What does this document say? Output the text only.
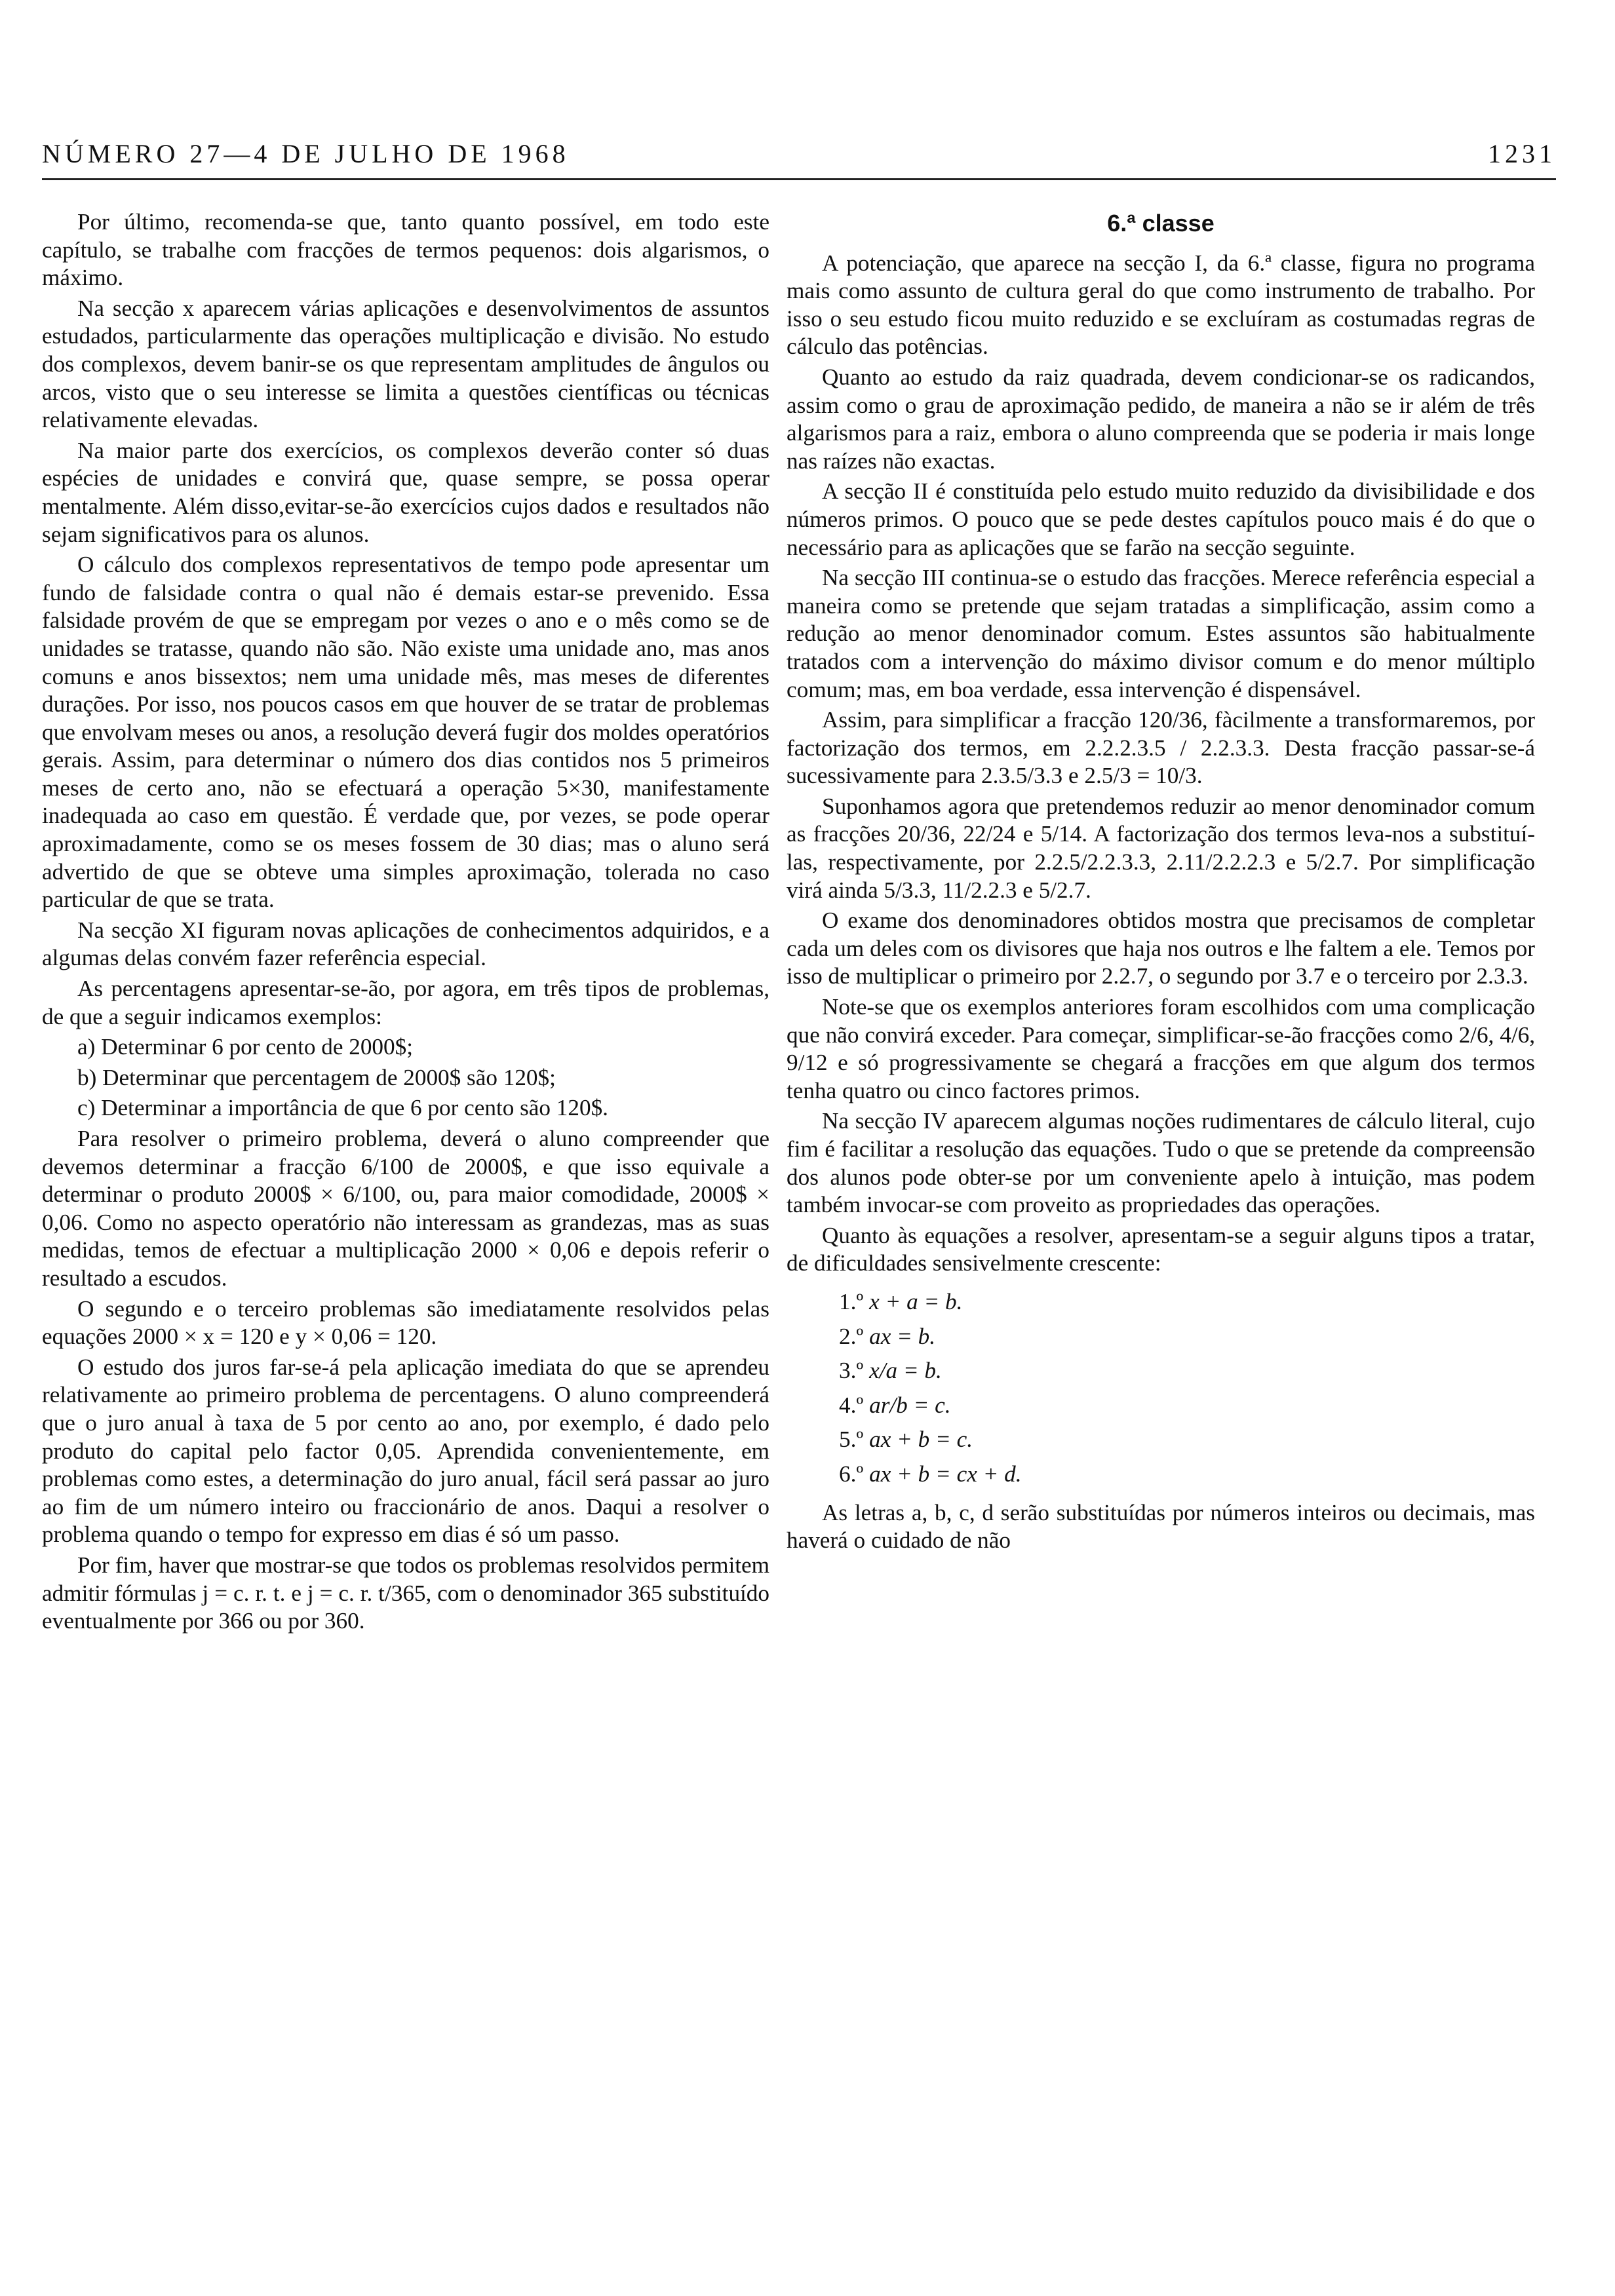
NÚMERO 27—4 DE JULHO DE 1968	1231

Por último, recomenda-se que, tanto quanto possível, em todo este capítulo, se trabalhe com fracções de termos pequenos: dois algarismos, o máximo.

Na secção x aparecem várias aplicações e desenvolvimentos de assuntos estudados, particularmente das operações multiplicação e divisão. No estudo dos complexos, devem banir-se os que representam amplitudes de ângulos ou arcos, visto que o seu interesse se limita a questões científicas ou técnicas relativamente elevadas.

Na maior parte dos exercícios, os complexos deverão conter só duas espécies de unidades e convirá que, quase sempre, se possa operar mentalmente. Além disso,evitar-se-ão exercícios cujos dados e resultados não sejam significativos para os alunos.

O cálculo dos complexos representativos de tempo pode apresentar um fundo de falsidade contra o qual não é demais estar-se prevenido. Essa falsidade provém de que se empregam por vezes o ano e o mês como se de unidades se tratasse, quando não são. Não existe uma unidade ano, mas anos comuns e anos bissextos; nem uma unidade mês, mas meses de diferentes durações. Por isso, nos poucos casos em que houver de se tratar de problemas que envolvam meses ou anos, a resolução deverá fugir dos moldes operatórios gerais. Assim, para determinar o número dos dias contidos nos 5 primeiros meses de certo ano, não se efectuará a operação 5×30, manifestamente inadequada ao caso em questão. É verdade que, por vezes, se pode operar aproximadamente, como se os meses fossem de 30 dias; mas o aluno será advertido de que se obteve uma simples aproximação, tolerada no caso particular de que se trata.

Na secção XI figuram novas aplicações de conhecimentos adquiridos, e a algumas delas convém fazer referência especial.

As percentagens apresentar-se-ão, por agora, em três tipos de problemas, de que a seguir indicamos exemplos:

a) Determinar 6 por cento de 2000$;

b) Determinar que percentagem de 2000$ são 120$;

c) Determinar a importância de que 6 por cento são 120$.

Para resolver o primeiro problema, deverá o aluno compreender que devemos determinar a fracção 6/100 de 2000$, e que isso equivale a determinar o produto 2000$ × 6/100, ou, para maior comodidade, 2000$ × 0,06. Como no aspecto operatório não interessam as grandezas, mas as suas medidas, temos de efectuar a multiplicação 2000 × 0,06 e depois referir o resultado a escudos.

O segundo e o terceiro problemas são imediatamente resolvidos pelas equações 2000 × x = 120 e y × 0,06 = 120.

O estudo dos juros far-se-á pela aplicação imediata do que se aprendeu relativamente ao primeiro problema de percentagens. O aluno compreenderá que o juro anual à taxa de 5 por cento ao ano, por exemplo, é dado pelo produto do capital pelo factor 0,05. Aprendida convenientemente, em problemas como estes, a determinação do juro anual, fácil será passar ao juro ao fim de um número inteiro ou fraccionário de anos. Daqui a resolver o problema quando o tempo for expresso em dias é só um passo.

Por fim, haver que mostrar-se que todos os problemas resolvidos permitem admitir fórmulas j = c. r. t. e j = c. r. t/365, com o denominador 365 substituído eventualmente por 366 ou por 360.

6.ª classe

A potenciação, que aparece na secção I, da 6.ª classe, figura no programa mais como assunto de cultura geral do que como instrumento de trabalho. Por isso o seu estudo ficou muito reduzido e se excluíram as costumadas regras de cálculo das potências.

Quanto ao estudo da raiz quadrada, devem condicionar-se os radicandos, assim como o grau de aproximação pedido, de maneira a não se ir além de três algarismos para a raiz, embora o aluno compreenda que se poderia ir mais longe nas raízes não exactas.

A secção II é constituída pelo estudo muito reduzido da divisibilidade e dos números primos. O pouco que se pede destes capítulos pouco mais é do que o necessário para as aplicações que se farão na secção seguinte.

Na secção III continua-se o estudo das fracções. Merece referência especial a maneira como se pretende que sejam tratadas a simplificação, assim como a redução ao menor denominador comum. Estes assuntos são habitualmente tratados com a intervenção do máximo divisor comum e do menor múltiplo comum; mas, em boa verdade, essa intervenção é dispensável.

Assim, para simplificar a fracção 120/36, fàcilmente a transformaremos, por factorização dos termos, em 2.2.2.3.5 / 2.2.3.3. Desta fracção passar-se-á sucessivamente para 2.3.5/3.3 e 2.5/3 = 10/3.

Suponhamos agora que pretendemos reduzir ao menor denominador comum as fracções 20/36, 22/24 e 5/14. A factorização dos termos leva-nos a substituí-las, respectivamente, por 2.2.5/2.2.3.3, 2.11/2.2.2.3 e 5/2.7. Por simplificação virá ainda 5/3.3, 11/2.2.3 e 5/2.7.

O exame dos denominadores obtidos mostra que precisamos de completar cada um deles com os divisores que haja nos outros e lhe faltem a ele. Temos por isso de multiplicar o primeiro por 2.2.7, o segundo por 3.7 e o terceiro por 2.3.3.

Note-se que os exemplos anteriores foram escolhidos com uma complicação que não convirá exceder. Para começar, simplificar-se-ão fracções como 2/6, 4/6, 9/12 e só progressivamente se chegará a fracções em que algum dos termos tenha quatro ou cinco factores primos.

Na secção IV aparecem algumas noções rudimentares de cálculo literal, cujo fim é facilitar a resolução das equações. Tudo o que se pretende da compreensão dos alunos pode obter-se por um conveniente apelo à intuição, mas podem também invocar-se com proveito as propriedades das operações.

Quanto às equações a resolver, apresentam-se a seguir alguns tipos a tratar, de dificuldades sensivelmente crescente:

1.º x + a = b.
2.º ax = b.
3.º x/a = b.
4.º ar/b = c.
5.º ax + b = c.
6.º ax + b = cx + d.

As letras a, b, c, d serão substituídas por números inteiros ou decimais, mas haverá o cuidado de não
